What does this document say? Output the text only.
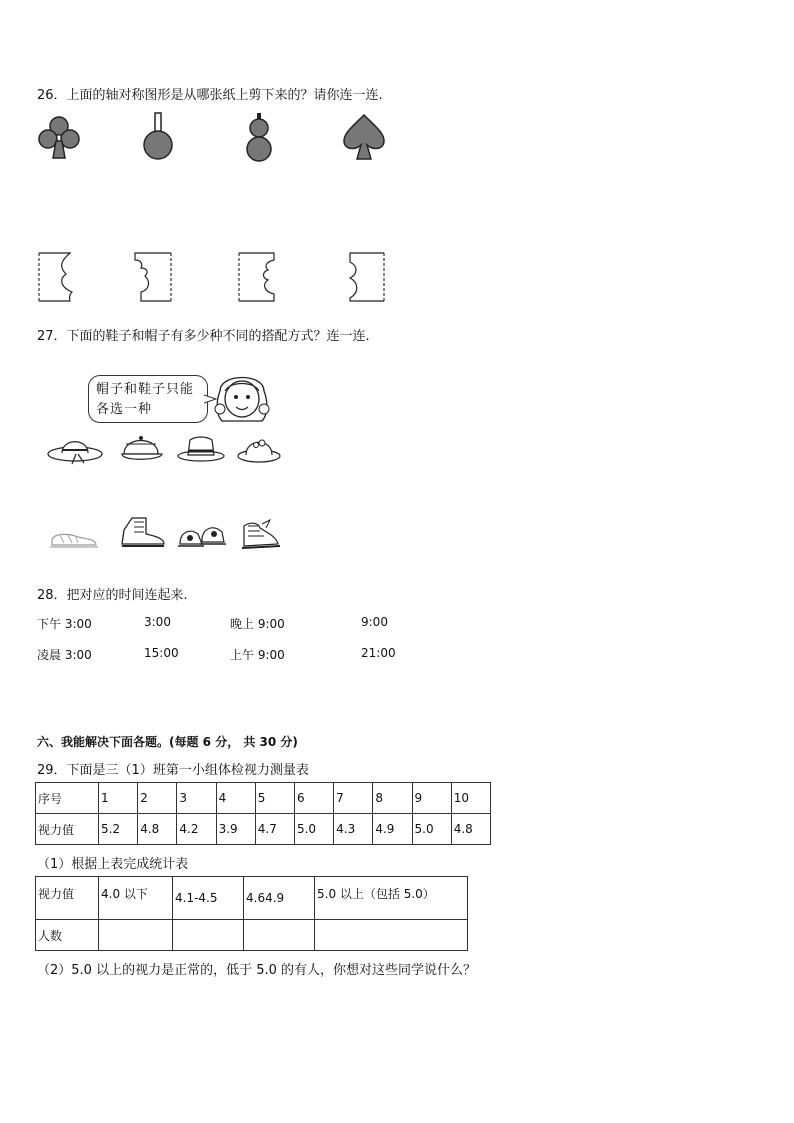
26．上面的轴对称图形是从哪张纸上剪下来的？请你连一连.
27．下面的鞋子和帽子有多少种不同的搭配方式？连一连.
帽子和鞋子只能
各选一种
28．把对应的时间连起来.
下午 3:00	3:00	晚上 9:00	9:00
凌晨 3:00	15:00	上午 9:00	21:00
六、我能解决下面各题。(每题 6 分， 共 30 分)
29．下面是三（1）班第一小组体检视力测量表
序号	1	2	3	4	5	6	7	8	9	10
视力值	5.2	4.8	4.2	3.9	4.7	5.0	4.3	4.9	5.0	4.8
（1）根据上表完成统计表
视力值	4.0 以下	4.1-4.5	4.64.9	5.0 以上（包括 5.0）
人数				
（2）5.0 以上的视力是正常的，低于 5.0 的有人，你想对这些同学说什么？
